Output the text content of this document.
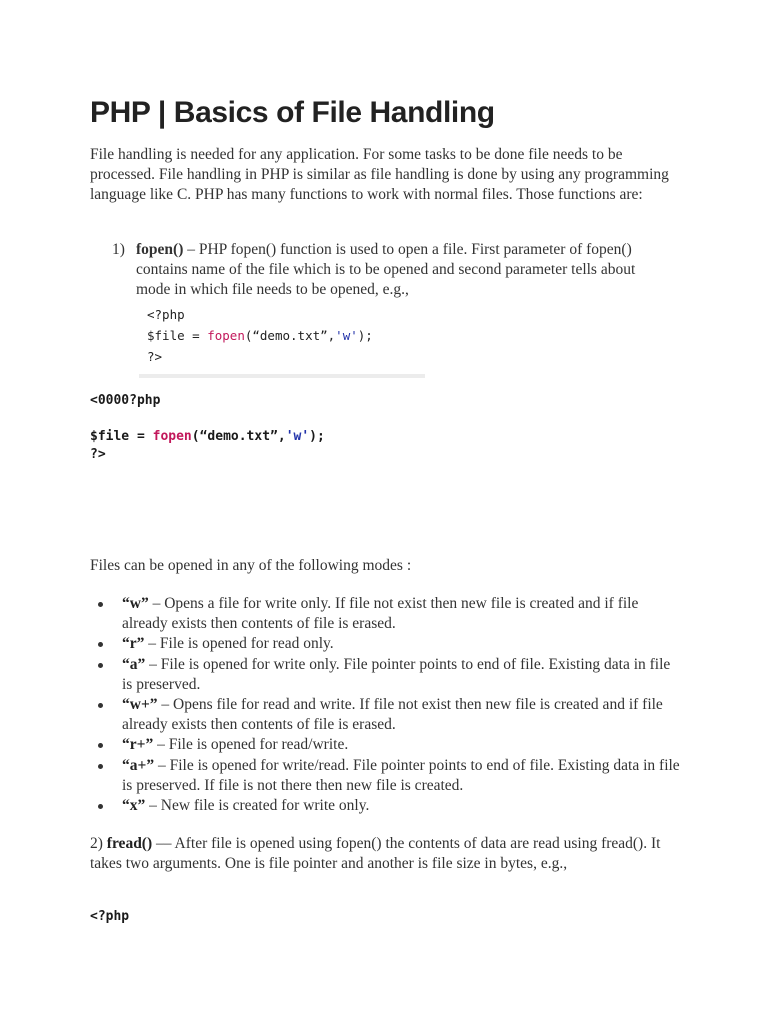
PHP | Basics of File Handling

File handling is needed for any application. For some tasks to be done file needs to be processed. File handling in PHP is similar as file handling is done by using any programming language like C. PHP has many functions to work with normal files. Those functions are:

1) fopen() – PHP fopen() function is used to open a file. First parameter of fopen() contains name of the file which is to be opened and second parameter tells about mode in which file needs to be opened, e.g.,
<?php
$file = fopen(“demo.txt”,'w');
?>
<0000?php
$file = fopen(“demo.txt”,'w');
?>

Files can be opened in any of the following modes :

“w” – Opens a file for write only. If file not exist then new file is created and if file already exists then contents of file is erased.
“r” – File is opened for read only.
“a” – File is opened for write only. File pointer points to end of file. Existing data in file is preserved.
“w+” – Opens file for read and write. If file not exist then new file is created and if file already exists then contents of file is erased.
“r+” – File is opened for read/write.
“a+” – File is opened for write/read. File pointer points to end of file. Existing data in file is preserved. If file is not there then new file is created.
“x” – New file is created for write only.

2) fread() –– After file is opened using fopen() the contents of data are read using fread(). It takes two arguments. One is file pointer and another is file size in bytes, e.g.,

<?php
